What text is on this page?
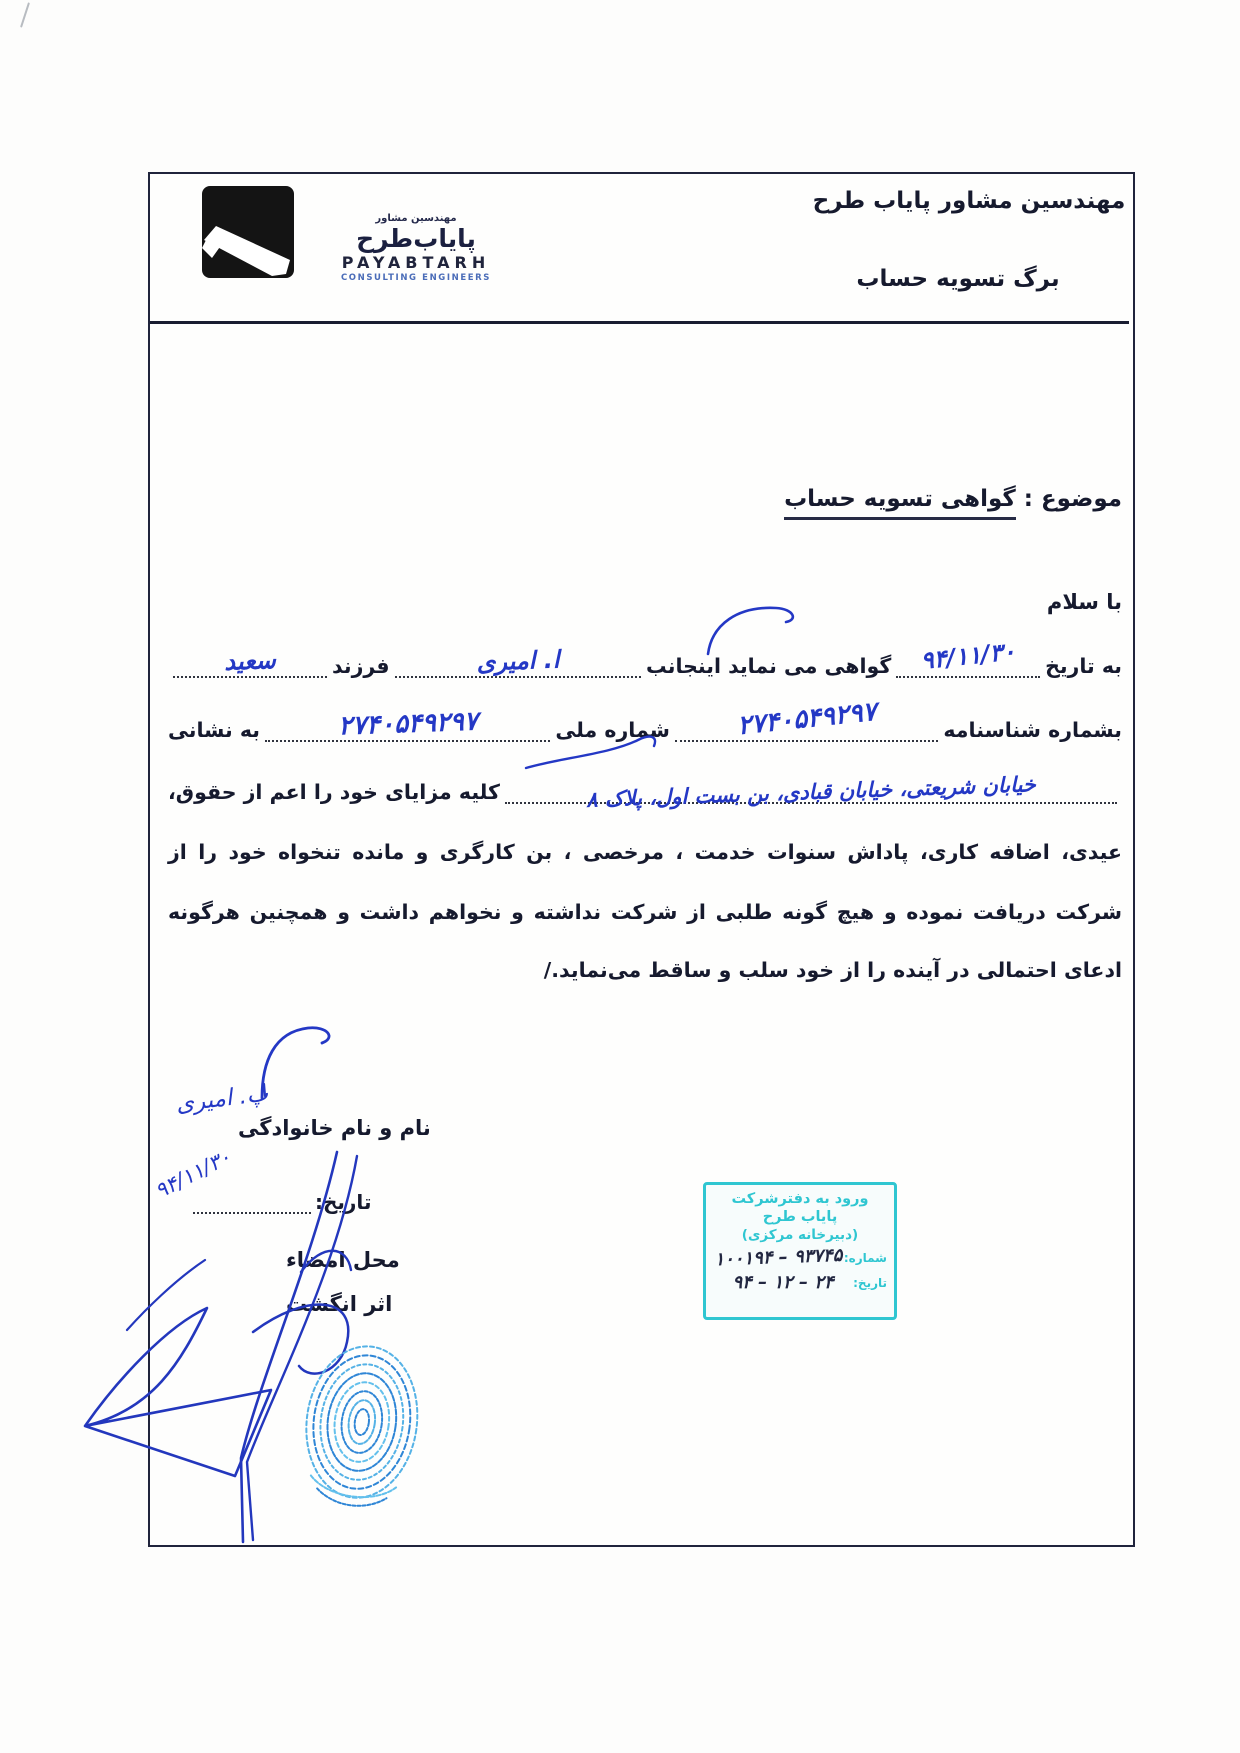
مهندسین مشاور
پایاب‌طرح
PAYABTARH
CONSULTING ENGINEERS
مهندسین مشاور پایاب طرح
برگ تسویه حساب
موضوع : گواهی تسویه حساب
با سلام
به تاریخ
۹۴/۱۱/۳۰
گواهی می نماید اینجانب
ا. امیری
فرزند
سعید
بشماره شناسنامه
۲۷۴۰۵۴۹۲۹۷
شماره ملی
۲۷۴۰۵۴۹۲۹۷
به نشانی
خیابان شریعتی، خیابان قبادی، بن بست اول، پلاک ۸
کلیه مزایای خود را اعم از حقوق،
عیدی، اضافه کاری، پاداش سنوات خدمت ، مرخصی ، بن کارگری و مانده تنخواه خود را از
شرکت دریافت نموده و هیچ گونه طلبی از شرکت نداشته و نخواهم داشت و همچنین هرگونه
ادعای احتمالی در آینده را از خود سلب و ساقط می‌نماید./
پ. امیری
نام و نام خانوادگی
تاریخ:
۹۴/۱۱/۳۰
محل امضاء
اثر انگشت
ورود به دفترشرکت پایاب طرح
(دبیرخانه مرکزی)
شماره:
۱۰۰۱۹۴ – ۹۳۷۴۵
تاریخ:
۲۴ – ۱۲ – ۹۴
